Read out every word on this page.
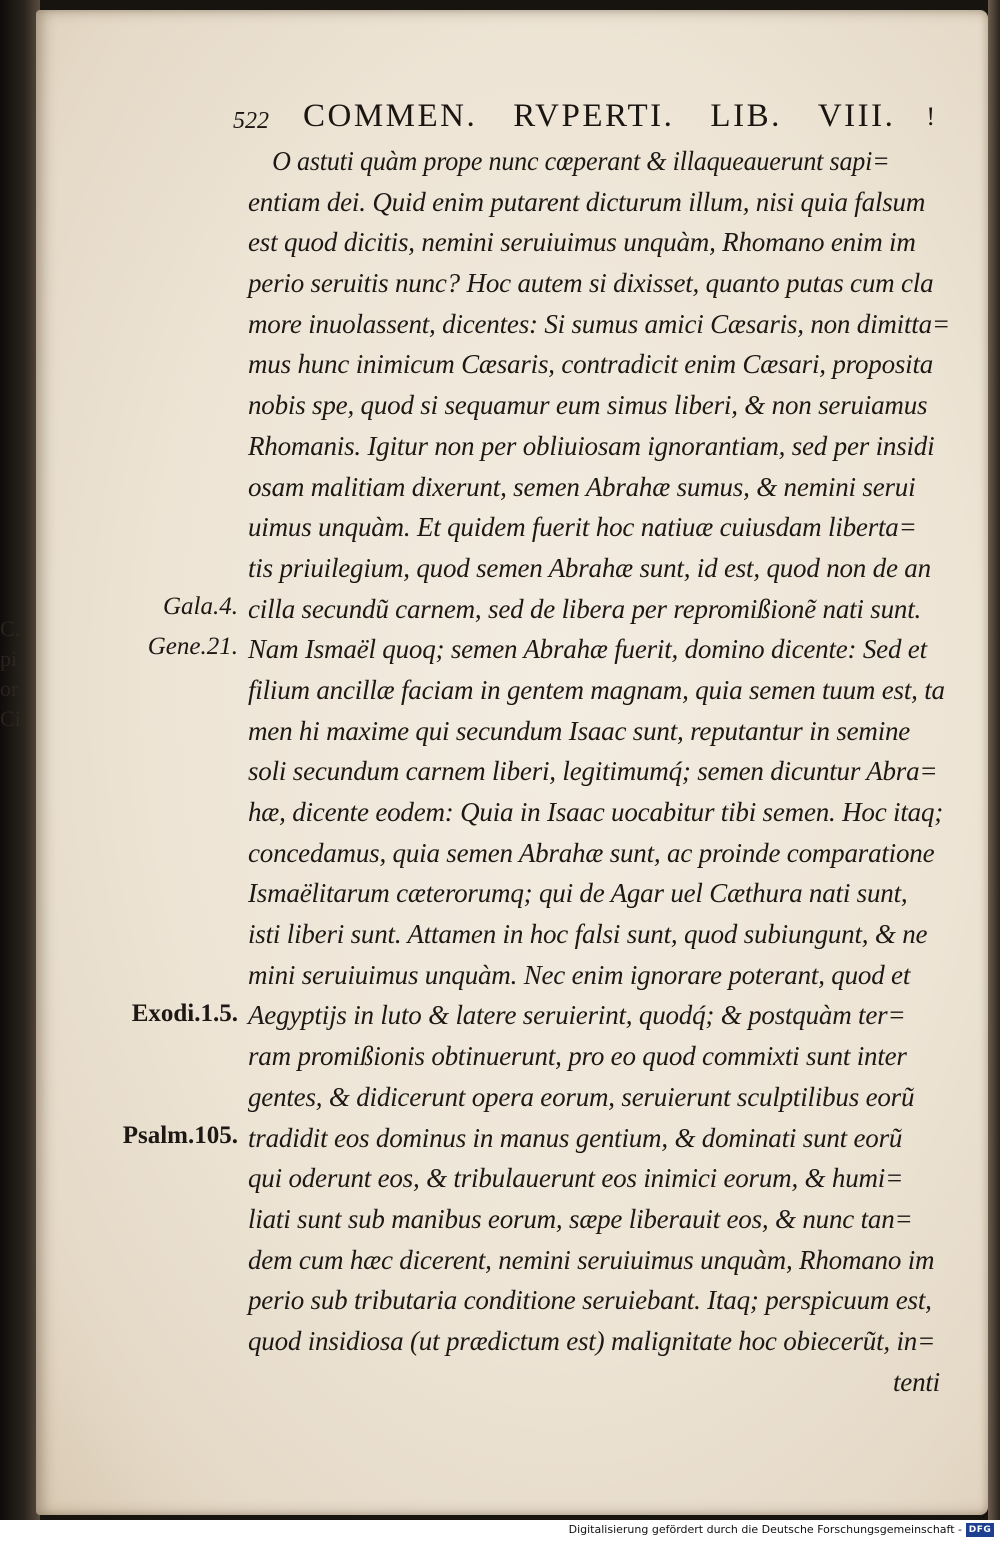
C.
pi
or
Ci
522 COMMEN. RVPERTI. LIB. VIII. !
O astuti quàm prope nunc cœperant & illaqueauerunt sapi=
entiam dei. Quid enim putarent dicturum illum, nisi quia falsum
est quod dicitis, nemini seruiuimus unquàm, Rhomano enim im
perio seruitis nunc? Hoc autem si dixisset, quanto putas cum cla
more inuolassent, dicentes: Si sumus amici Cæsaris, non dimitta=
mus hunc inimicum Cæsaris, contradicit enim Cæsari, proposita
nobis spe, quod si sequamur eum simus liberi, & non seruiamus
Rhomanis. Igitur non per obliuiosam ignorantiam, sed per insidi
osam malitiam dixerunt, semen Abrahæ sumus, & nemini serui
uimus unquàm. Et quidem fuerit hoc natiuæ cuiusdam liberta=
tis priuilegium, quod semen Abrahæ sunt, id est, quod non de an
cilla secundũ carnem, sed de libera per repromißionẽ nati sunt.
Nam Ismaël quoq; semen Abrahæ fuerit, domino dicente: Sed et
filium ancillæ faciam in gentem magnam, quia semen tuum est, ta
men hi maxime qui secundum Isaac sunt, reputantur in semine
soli secundum carnem liberi, legitimumq́; semen dicuntur Abra=
hæ, dicente eodem: Quia in Isaac uocabitur tibi semen. Hoc itaq;
concedamus, quia semen Abrahæ sunt, ac proinde comparatione
Ismaëlitarum cæterorumq; qui de Agar uel Cæthura nati sunt,
isti liberi sunt. Attamen in hoc falsi sunt, quod subiungunt, & ne
mini seruiuimus unquàm. Nec enim ignorare poterant, quod et
Aegyptijs in luto & latere seruierint, quodq́; & postquàm ter=
ram promißionis obtinuerunt, pro eo quod commixti sunt inter
gentes, & didicerunt opera eorum, seruierunt sculptilibus eorũ
tradidit eos dominus in manus gentium, & dominati sunt eorũ
qui oderunt eos, & tribulauerunt eos inimici eorum, & humi=
liati sunt sub manibus eorum, sæpe liberauit eos, & nunc tan=
dem cum hæc dicerent, nemini seruiuimus unquàm, Rhomano im
perio sub tributaria conditione seruiebant. Itaq; perspicuum est,
quod insidiosa (ut prædictum est) malignitate hoc obiecerũt, in=
tenti
Gala.4.
Gene.21.
Exodi.1.5.
Psalm.105.
Digitalisierung gefördert durch die Deutsche Forschungsgemeinschaft - DFG
